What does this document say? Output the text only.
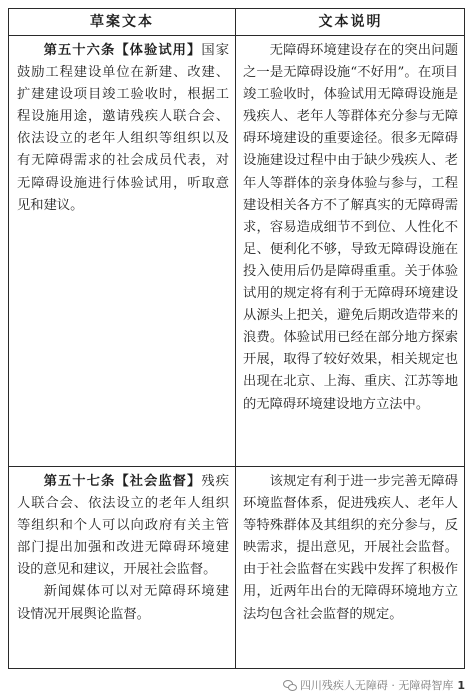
草案文本	文本说明

第五十六条【体验试用】国家鼓励工程建设单位在新建、改建、扩建建设项目竣工验收时，根据工程设施用途，邀请残疾人联合会、依法设立的老年人组织等组织以及有无障碍需求的社会成员代表，对无障碍设施进行体验试用，听取意见和建议。

无障碍环境建设存在的突出问题之一是无障碍设施“不好用”。在项目竣工验收时，体验试用无障碍设施是残疾人、老年人等群体充分参与无障碍环境建设的重要途径。很多无障碍设施建设过程中由于缺少残疾人、老年人等群体的亲身体验与参与，工程建设相关各方不了解真实的无障碍需求，容易造成细节不到位、人性化不足、便利化不够，导致无障碍设施在投入使用后仍是障碍重重。关于体验试用的规定将有利于无障碍环境建设从源头上把关，避免后期改造带来的浪费。体验试用已经在部分地方探索开展，取得了较好效果，相关规定也出现在北京、上海、重庆、江苏等地的无障碍环境建设地方立法中。

第五十七条【社会监督】残疾人联合会、依法设立的老年人组织等组织和个人可以向政府有关主管部门提出加强和改进无障碍环境建设的意见和建议，开展社会监督。

新闻媒体可以对无障碍环境建设情况开展舆论监督。

该规定有利于进一步完善无障碍环境监督体系，促进残疾人、老年人等特殊群体及其组织的充分参与，反映需求，提出意见，开展社会监督。由于社会监督在实践中发挥了积极作用，近两年出台的无障碍环境地方立法均包含社会监督的规定。

四川残疾人无障碍 · 无障碍智库 1
